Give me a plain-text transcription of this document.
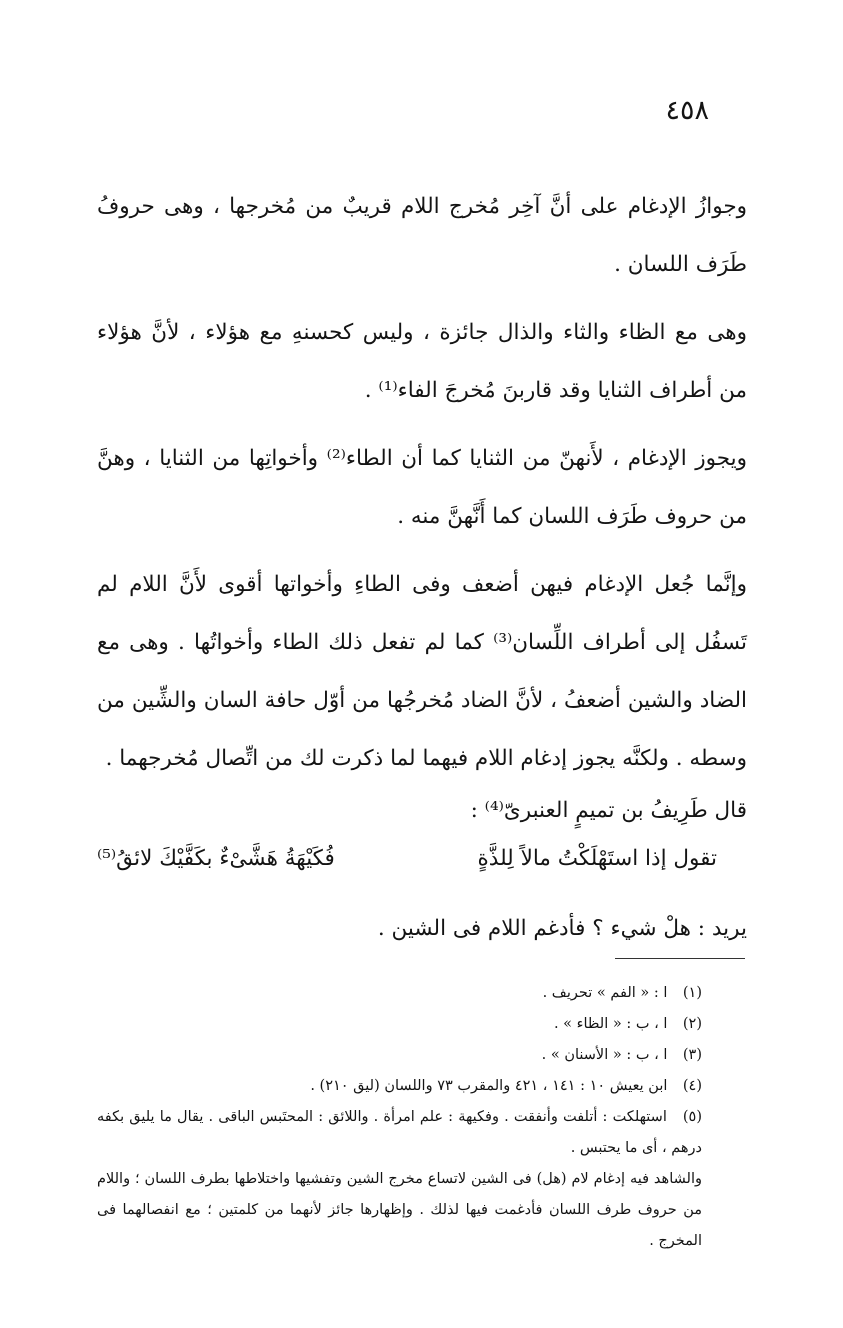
٤٥٨

وجوازُ الإدغام على أنَّ آخِر مُخرج اللام قريبٌ من مُخرجها ، وهى حروفُ طَرَف اللسان .

وهى مع الظاء والثاء والذال جائزة ، وليس كحسنهِ مع هؤلاء ، لأنَّ هؤلاء من أطراف الثنايا وقد قاربنَ مُخرجَ الفاء⁽¹⁾ .

ويجوز الإدغام ، لأَنهنّ من الثنايا كما أن الطاء⁽²⁾ وأخواتِها من الثنايا ، وهنَّ من حروف طَرَف اللسان كما أَنَّهنَّ منه .

وإنَّما جُعل الإدغام فيهن أضعف وفى الطاءِ وأخواتها أقوى لأَنَّ اللام لم تَسفُل إلى أطراف اللِّسان⁽³⁾ كما لم تفعل ذلك الطاء وأخواتُها . وهى مع الضاد والشين أضعفُ ، لأنَّ الضاد مُخرجُها من أوّل حافة السان والشِّين من وسطه . ولكنَّه يجوز إدغام اللام فيهما لما ذكرت لك من اتِّصال مُخرجهما .

قال طَرِيفُ بن تميمٍ العنبرىّ⁽⁴⁾ :

تقول إذا استَهْلَكْتُ مالاً لِلذَّةٍ
فُكَيْهَةُ هَشَّىْءٌ بكَفَّيْكَ لائقُ⁽⁵⁾

يريد : هلْ شيء ؟ فأدغم اللام فى الشين .

(١) ا : « الفم » تحريف .

(٢) ا ، ب : « الظاء » .

(٣) ا ، ب : « الأسنان » .

(٤) ابن يعيش ١٠ : ١٤١ ، ٤٢١ والمقرب ٧٣ واللسان (ليق ٢١٠) .

(٥) استهلكت : أتلفت وأنفقت . وفكيهة : علم امرأة . واللائق : المحتَبس الباقى . يقال ما يليق بكفه درهم ، أى ما يحتبس .

والشاهد فيه إدغام لام (هل) فى الشين لاتساع مخرج الشين وتفشيها واختلاطها بطرف اللسان ؛ واللام من حروف طرف اللسان فأدغمت فيها لذلك . وإظهارها جائز لأنهما من كلمتين ؛ مع انفصالهما فى المخرج .
